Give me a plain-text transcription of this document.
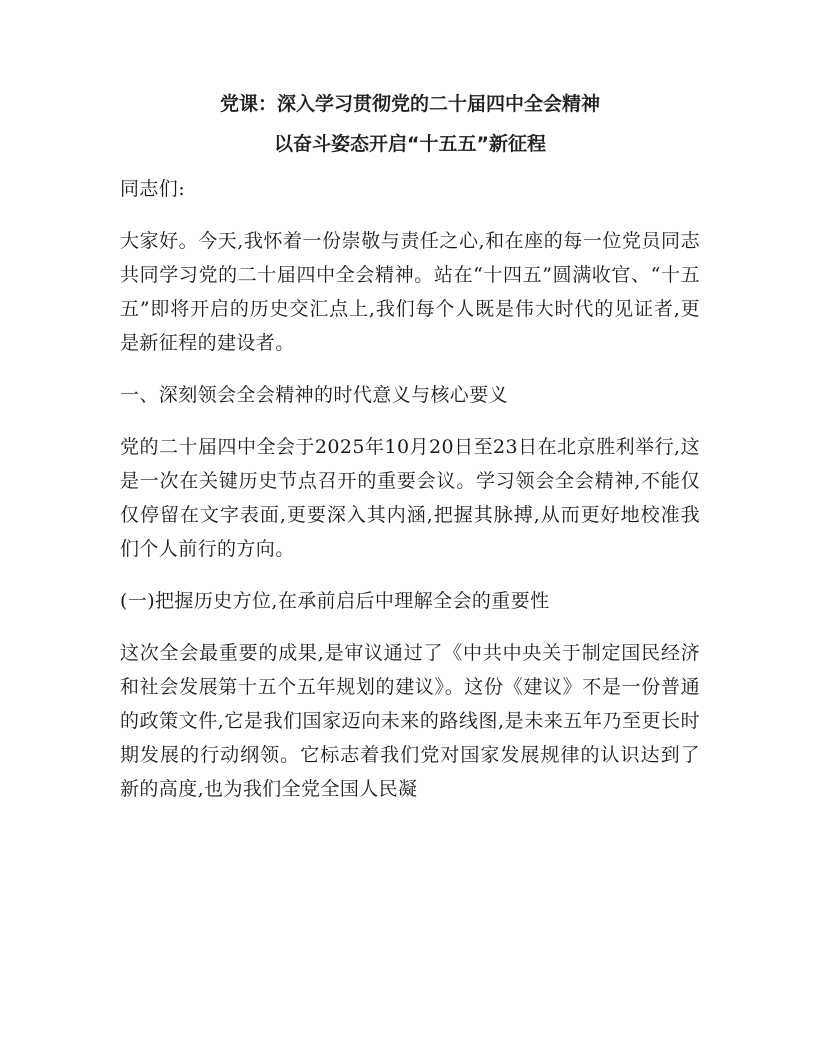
党课：深入学习贯彻党的二十届四中全会精神

以奋斗姿态开启“十五五”新征程

同志们:

大家好。今天,我怀着一份崇敬与责任之心,和在座的每一位党员同志共同学习党的二十届四中全会精神。站在“十四五”圆满收官、“十五五”即将开启的历史交汇点上,我们每个人既是伟大时代的见证者,更是新征程的建设者。

一、深刻领会全会精神的时代意义与核心要义

党的二十届四中全会于2025年10月20日至23日在北京胜利举行,这是一次在关键历史节点召开的重要会议。学习领会全会精神,不能仅仅停留在文字表面,更要深入其内涵,把握其脉搏,从而更好地校准我们个人前行的方向。

(一)把握历史方位,在承前启后中理解全会的重要性

这次全会最重要的成果,是审议通过了《中共中央关于制定国民经济和社会发展第十五个五年规划的建议》。这份《建议》不是一份普通的政策文件,它是我们国家迈向未来的路线图,是未来五年乃至更长时期发展的行动纲领。它标志着我们党对国家发展规律的认识达到了新的高度,也为我们全党全国人民凝
